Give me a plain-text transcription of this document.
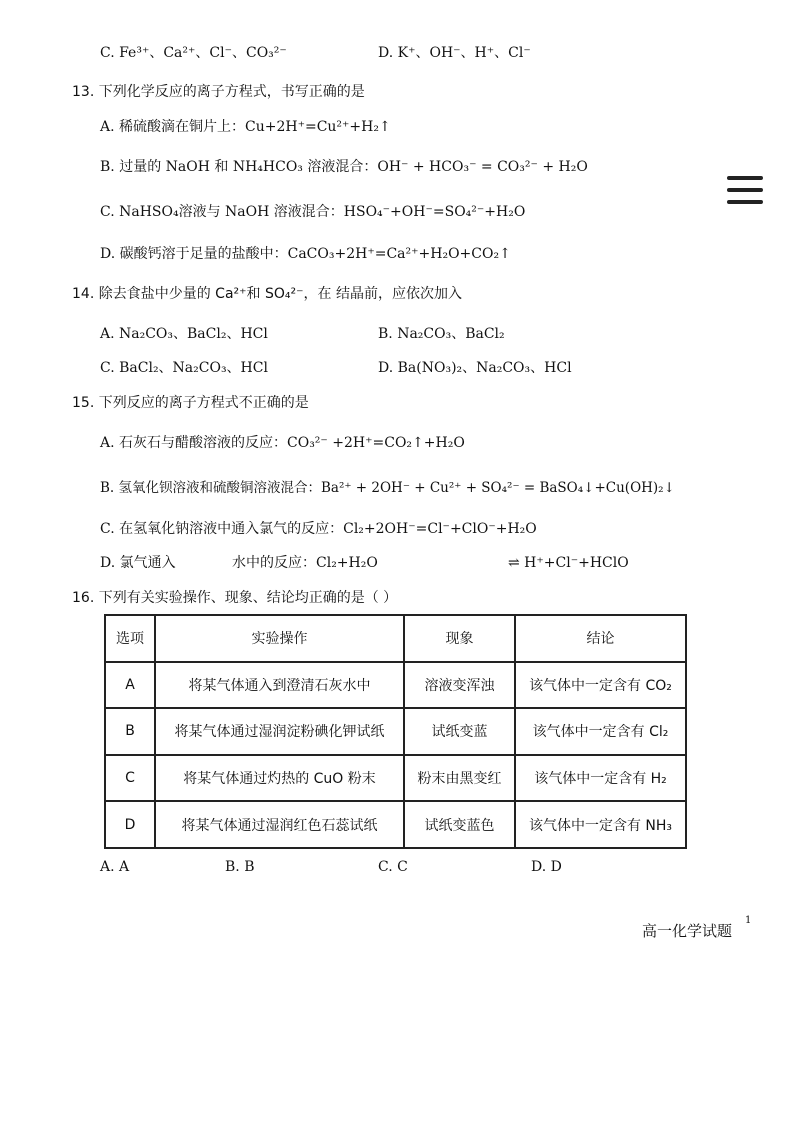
C. Fe³⁺、Ca²⁺、Cl⁻、CO₃²⁻	D. K⁺、OH⁻、H⁺、Cl⁻
13. 下列化学反应的离子方程式，书写正确的是
A. 稀硫酸滴在铜片上：Cu+2H⁺=Cu²⁺+H₂↑
B. 过量的 NaOH 和 NH₄HCO₃ 溶液混合：OH⁻ + HCO₃⁻ = CO₃²⁻ + H₂O
C. NaHSO₄溶液与 NaOH 溶液混合：HSO₄⁻+OH⁻=SO₄²⁻+H₂O
D. 碳酸钙溶于足量的盐酸中：CaCO₃+2H⁺=Ca²⁺+H₂O+CO₂↑
14. 除去食盐中少量的 Ca²⁺和 SO₄²⁻，在 结晶前，应依次加入
A. Na₂CO₃、BaCl₂、HCl	B. Na₂CO₃、BaCl₂
C. BaCl₂、Na₂CO₃、HCl	D. Ba(NO₃)₂、Na₂CO₃、HCl
15. 下列反应的离子方程式不正确的是
A. 石灰石与醋酸溶液的反应：CO₃²⁻ +2H⁺=CO₂↑+H₂O
B. 氢氧化钡溶液和硫酸铜溶液混合：Ba²⁺ + 2OH⁻ + Cu²⁺ + SO₄²⁻ = BaSO₄↓+Cu(OH)₂↓
C. 在氢氧化钠溶液中通入氯气的反应：Cl₂+2OH⁻=Cl⁻+ClO⁻+H₂O
D. 氯气通入	水中的反应：Cl₂+H₂O	⇌ H⁺+Cl⁻+HClO
16. 下列有关实验操作、现象、结论均正确的是（ ）
选项	实验操作	现象	结论
A	将某气体通入到澄清石灰水中	溶液变浑浊	该气体中一定含有 CO₂
B	将某气体通过湿润淀粉碘化钾试纸	试纸变蓝	该气体中一定含有 Cl₂
C	将某气体通过灼热的 CuO 粉末	粉末由黑变红	该气体中一定含有 H₂
D	将某气体通过湿润红色石蕊试纸	试纸变蓝色	该气体中一定含有 NH₃
A. A	B. B	C. C	D. D
高一化学试题
1
